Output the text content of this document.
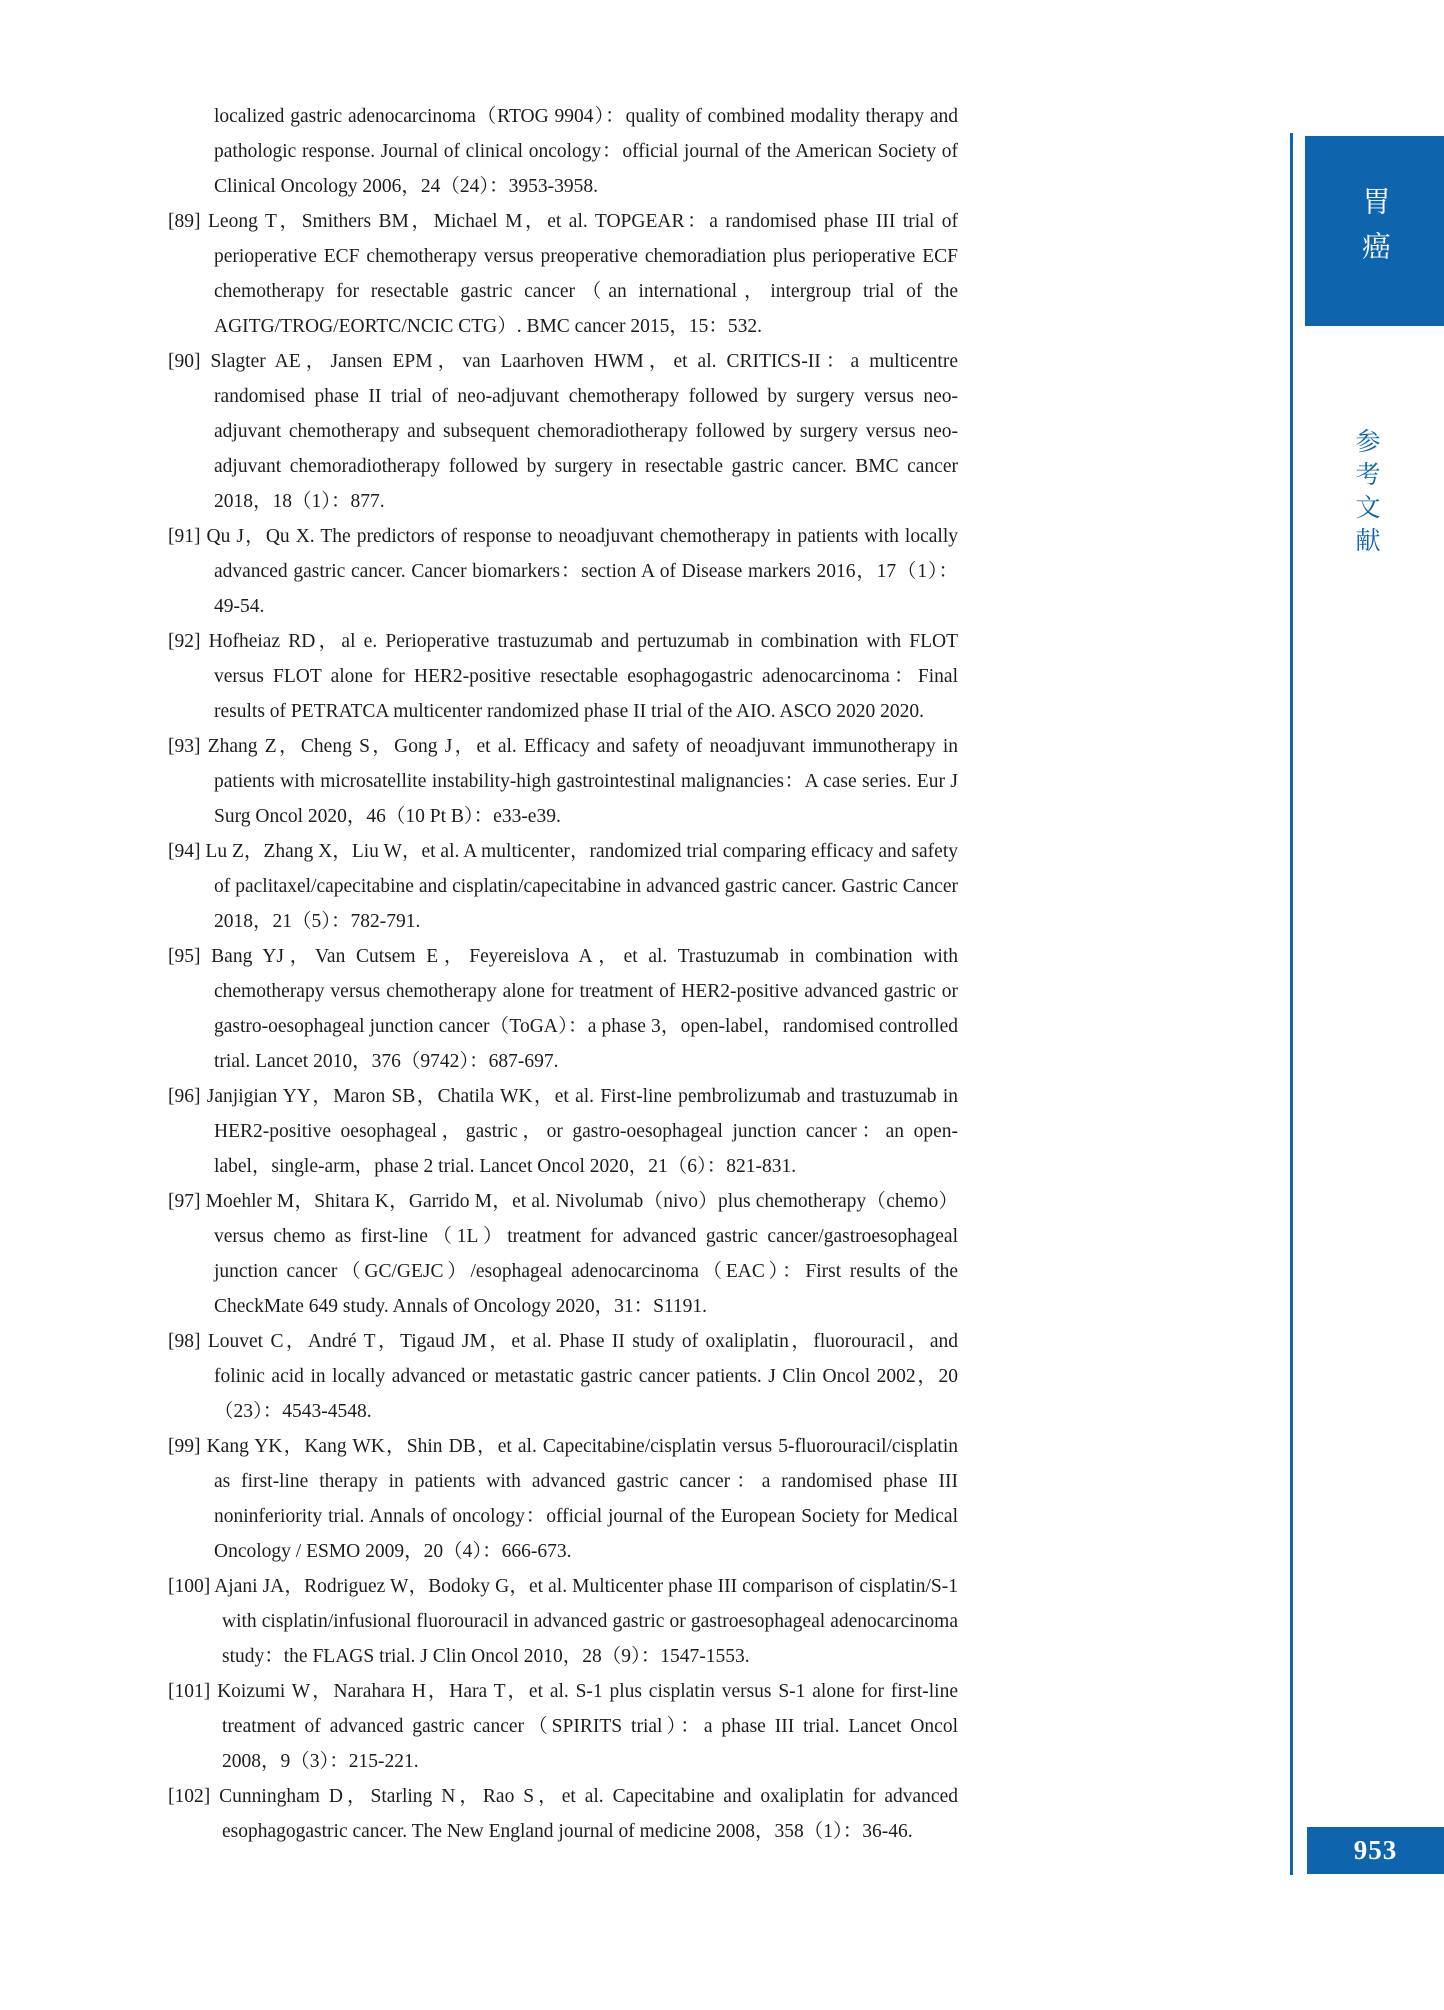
localized gastric adenocarcinoma（RTOG 9904）：quality of combined modality therapy and pathologic response. Journal of clinical oncology：official journal of the American Society of Clinical Oncology 2006，24（24）：3953-3958.

[89] Leong T，Smithers BM，Michael M，et al. TOPGEAR：a randomised phase III trial of perioperative ECF chemotherapy versus preoperative chemoradiation plus perioperative ECF chemotherapy for resectable gastric cancer（an international，intergroup trial of the AGITG/TROG/EORTC/NCIC CTG）. BMC cancer 2015，15：532.

[90] Slagter AE，Jansen EPM，van Laarhoven HWM，et al. CRITICS-II：a multicentre randomised phase II trial of neo-adjuvant chemotherapy followed by surgery versus neo-adjuvant chemotherapy and subsequent chemoradiotherapy followed by surgery versus neo-adjuvant chemoradiotherapy followed by surgery in resectable gastric cancer. BMC cancer 2018，18（1）：877.

[91] Qu J，Qu X. The predictors of response to neoadjuvant chemotherapy in patients with locally advanced gastric cancer. Cancer biomarkers：section A of Disease markers 2016，17（1）：49-54.

[92] Hofheiaz RD，al e. Perioperative trastuzumab and pertuzumab in combination with FLOT versus FLOT alone for HER2-positive resectable esophagogastric adenocarcinoma：Final results of PETRATCA multicenter randomized phase II trial of the AIO. ASCO 2020 2020.

[93] Zhang Z，Cheng S，Gong J，et al. Efficacy and safety of neoadjuvant immunotherapy in patients with microsatellite instability-high gastrointestinal malignancies：A case series. Eur J Surg Oncol 2020，46（10 Pt B）：e33-e39.

[94] Lu Z，Zhang X，Liu W，et al. A multicenter，randomized trial comparing efficacy and safety of paclitaxel/capecitabine and cisplatin/capecitabine in advanced gastric cancer. Gastric Cancer 2018，21（5）：782-791.

[95] Bang YJ，Van Cutsem E，Feyereislova A，et al. Trastuzumab in combination with chemotherapy versus chemotherapy alone for treatment of HER2-positive advanced gastric or gastro-oesophageal junction cancer（ToGA）：a phase 3，open-label，randomised controlled trial. Lancet 2010，376（9742）：687-697.

[96] Janjigian YY，Maron SB，Chatila WK，et al. First-line pembrolizumab and trastuzumab in HER2-positive oesophageal，gastric，or gastro-oesophageal junction cancer：an open-label，single-arm，phase 2 trial. Lancet Oncol 2020，21（6）：821-831.

[97] Moehler M，Shitara K，Garrido M，et al. Nivolumab（nivo）plus chemotherapy（chemo）versus chemo as first-line（1L）treatment for advanced gastric cancer/gastroesophageal junction cancer（GC/GEJC）/esophageal adenocarcinoma（EAC）：First results of the CheckMate 649 study. Annals of Oncology 2020，31：S1191.

[98] Louvet C，André T，Tigaud JM，et al. Phase II study of oxaliplatin，fluorouracil，and folinic acid in locally advanced or metastatic gastric cancer patients. J Clin Oncol 2002，20（23）：4543-4548.

[99] Kang YK，Kang WK，Shin DB，et al. Capecitabine/cisplatin versus 5-fluorouracil/cisplatin as first-line therapy in patients with advanced gastric cancer：a randomised phase III noninferiority trial. Annals of oncology：official journal of the European Society for Medical Oncology / ESMO 2009，20（4）：666-673.

[100] Ajani JA，Rodriguez W，Bodoky G，et al. Multicenter phase III comparison of cisplatin/S-1 with cisplatin/infusional fluorouracil in advanced gastric or gastroesophageal adenocarcinoma study：the FLAGS trial. J Clin Oncol 2010，28（9）：1547-1553.

[101] Koizumi W，Narahara H，Hara T，et al. S-1 plus cisplatin versus S-1 alone for first-line treatment of advanced gastric cancer（SPIRITS trial）：a phase III trial. Lancet Oncol 2008，9（3）：215-221.

[102] Cunningham D，Starling N，Rao S，et al. Capecitabine and oxaliplatin for advanced esophagogastric cancer. The New England journal of medicine 2008，358（1）：36-46.

胃癌
参考文献
953
